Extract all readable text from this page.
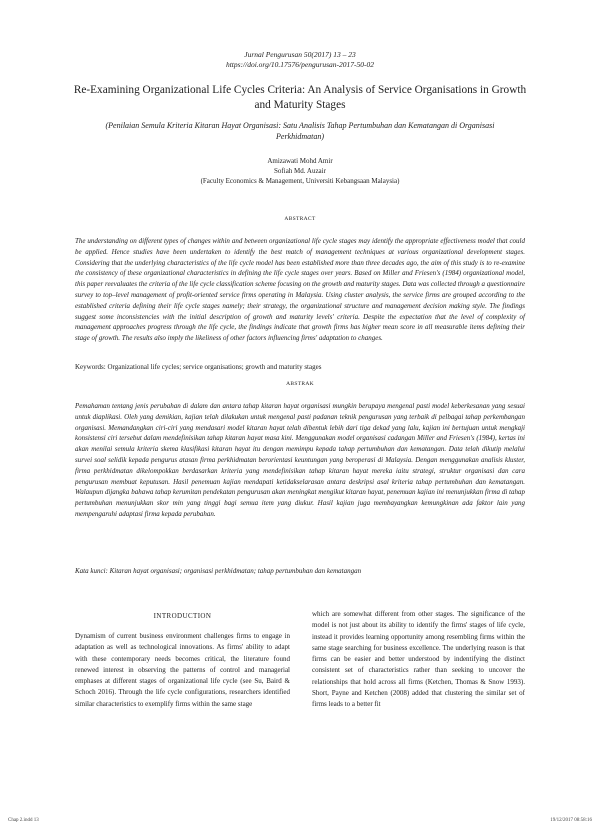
Jurnal Pengurusan 50(2017) 13 – 23
https://doi.org/10.17576/pengurusan-2017-50-02
Re-Examining Organizational Life Cycles Criteria: An Analysis of Service Organisations in Growth and Maturity Stages
(Penilaian Semula Kriteria Kitaran Hayat Organisasi: Satu Analisis Tahap Pertumbuhan dan Kematangan di Organisasi Perkhidmatan)
Amizawati Mohd Amir
Sofiah Md. Auzair
(Faculty Economics & Management, Universiti Kebangsaan Malaysia)
ABSTRACT

The understanding on different types of changes within and between organizational life cycle stages may identify the appropriate effectiveness model that could be applied. Hence studies have been undertaken to identify the best match of management techniques at various organizational development stages. Considering that the underlying characteristics of the life cycle model has been established more than three decades ago, the aim of this study is to re-examine the consistency of these organizational characteristics in defining the life cycle stages over years. Based on Miller and Friesen's (1984) organizational model, this paper reevaluates the criteria of the life cycle classification scheme focusing on the growth and maturity stages. Data was collected through a questionnaire survey to top–level management of profit-oriented service firms operating in Malaysia. Using cluster analysis, the service firms are grouped according to the established criteria defining their life cycle stages namely; their strategy, the organizational structure and management decision making style. The findings suggest some inconsistencies with the initial description of growth and maturity levels' criteria. Despite the expectation that the level of complexity of management approaches progress through the life cycle, the findings indicate that growth firms has higher mean score in all measurable items defining their stage of growth. The results also imply the likeliness of other factors influencing firms' adaptation to changes.

Keywords: Organizational life cycles; service organisations; growth and maturity stages
ABSTRAK

Pemahaman tentang jenis perubahan di dalam dan antara tahap kitaran hayat organisasi mungkin berupaya mengenal pasti model keberkesanan yang sesuai untuk diaplikasi. Oleh yang demikian, kajian telah dilakukan untuk mengenal pasti padanan teknik pengurusan yang terbaik di pelbagai tahap perkembangan organisasi. Memandangkan ciri-ciri yang mendasari model kitaran hayat telah dibentuk lebih dari tiga dekad yang lalu, kajian ini bertujuan untuk mengkaji konsistensi ciri tersebut dalam mendefinisikan tahap kitaran hayat masa kini. Menggunakan model organisasi cadangan Miller and Friesen's (1984), kertas ini akan menilai semula kriteria skema klasifikasi kitaran hayat itu dengan memimpu kepada tahap pertumbuhan dan kematangan. Data telah dikutip melalui survei soal selidik kepada pengurus atasan firma perkhidmatan berorientasi keuntungan yang beroperasi di Malaysia. Dengan menggunakan analisis kluster, firma perkhidmatan dikelompokkan berdasarkan kriteria yang mendefinisikan tahap kitaran hayat mereka iaitu strategi, struktur organisasi dan cara pengurusan membuat keputusan. Hasil penemuan kajian mendapati ketidakselarasan antara deskripsi asal kriteria tahap pertumbuhan dan kematangan. Walaupun dijangka bahawa tahap kerumitan pendekatan pengurusan akan meningkat mengikut kitaran hayat, penemuan kajian ini menunjukkan firma di tahap pertumbuhan menunjukkan skor min yang tinggi bagi semua item yang diukur. Hasil kajian juga membayangkan kemungkinan ada faktor lain yang mempengaruhi adaptasi firma kepada perubahan.

Kata kunci: Kitaran hayat organisasi; organisasi perkhidmatan; tahap pertumbuhan dan kematangan
INTRODUCTION

Dynamism of current business environment challenges firms to engage in adaptation as well as technological innovations. As firms' ability to adapt with these contemporary needs becomes critical, the literature found renewed interest in observing the patterns of control and managerial emphases at different stages of organizational life cycle (see Su, Baird & Schoch 2016). Through the life cycle configurations, researchers identified similar characteristics to exemplify firms within the same stage

which are somewhat different from other stages. The significance of the model is not just about its ability to identify the firms' stages of life cycle, instead it provides learning opportunity among resembling firms within the same stage searching for business excellence. The underlying reason is that firms can be easier and better understood by indentifying the distinct consistent set of characteristics rather than seeking to uncover the relationships that hold across all firms (Ketchen, Thomas & Snow 1993). Short, Payne and Ketchen (2008) added that clustering the similar set of firms leads to a better fit

Chap 2.indd 13	19/12/2017 08:58:16
